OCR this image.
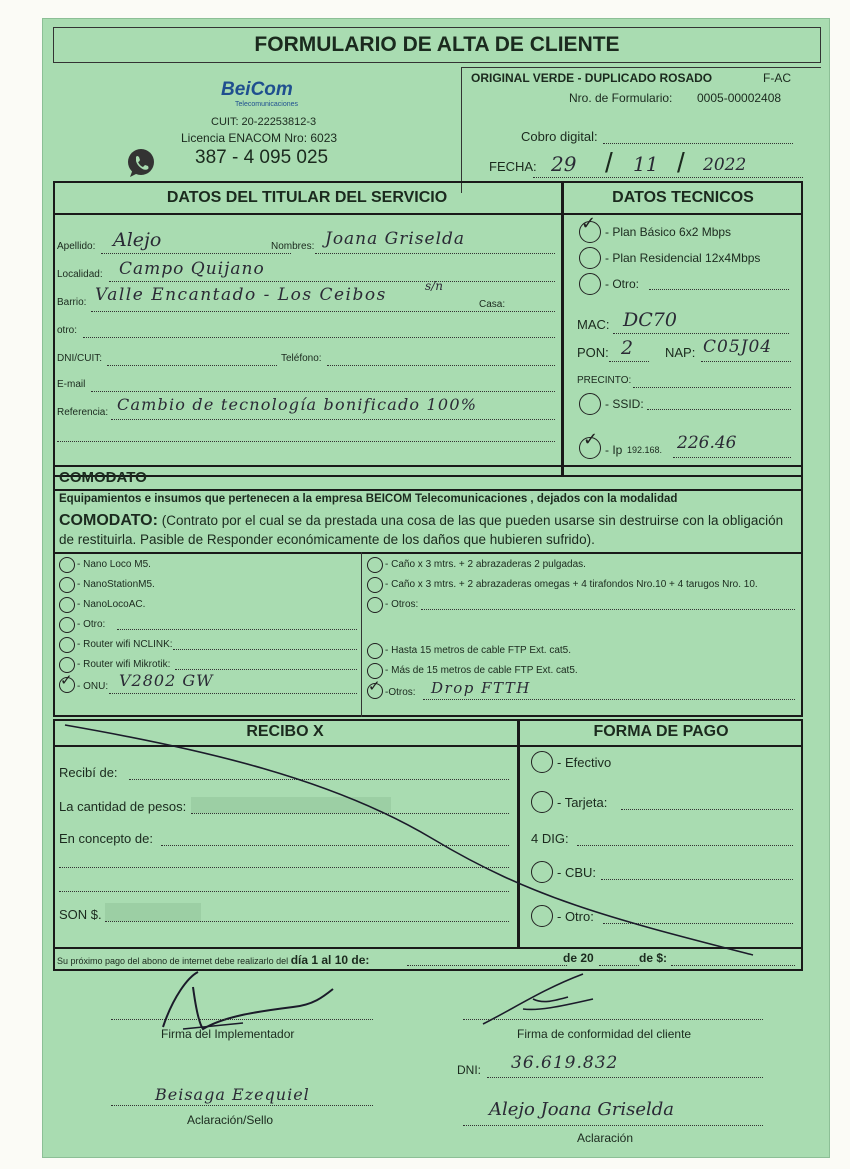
FORMULARIO DE ALTA DE CLIENTE
BeiCom
Telecomunicaciones
CUIT: 20-22253812-3
Licencia ENACOM Nro: 6023
387 - 4 095 025
ORIGINAL VERDE - DUPLICADO ROSADO	F-AC
Nro. de Formulario: 0005-00002408
Cobro digital:
FECHA: 29 / 11 / 2022
DATOS DEL TITULAR DEL SERVICIO	DATOS TECNICOS
Apellido: Alejo	Nombres: Joana Griselda
Localidad: Campo Quijano
Barrio: Valle Encantado - Los Ceibos	s/n
Casa:
otro:
DNI/CUIT:	Teléfono:
E-mail
Referencia: Cambio de tecnología bonificado 100%
✓ - Plan Básico 6x2 Mbps
- Plan Residencial 12x4Mbps
- Otro:
MAC: DC70
PON: 2 NAP: C05J04
PRECINTO:
- SSID:
✓ - Ip 192.168. 226.46
COMODATO
Equipamientos e insumos que pertenecen a la empresa BEICOM Telecomunicaciones , dejados con la modalidad
COMODATO: (Contrato por el cual se da prestada una cosa de las que pueden usarse sin destruirse con la obligación de restituirla. Pasible de Responder económicamente de los daños que hubieren sufrido).
- Nano Loco M5.
- NanoStationM5.
- NanoLocoAC.
- Otro:
- Router wifi NCLINK:
- Router wifi Mikrotik:
✓ - ONU: V2802 GW
- Caño x 3 mtrs. + 2 abrazaderas 2 pulgadas.
- Caño x 3 mtrs. + 2 abrazaderas omegas + 4 tirafondos Nro.10 + 4 tarugos Nro. 10.
- Otros:
- Hasta 15 metros de cable FTP Ext. cat5.
- Más de 15 metros de cable FTP Ext. cat5.
✓ -Otros: Drop FTTH
RECIBO X	FORMA DE PAGO
Recibí de:
La cantidad de pesos:
En concepto de:
SON $.
- Efectivo
- Tarjeta:
4 DIG:
- CBU:
- Otro:
Su próximo pago del abono de internet debe realizarlo del día 1 al 10 de:	de 20	de $:
Firma del Implementador
Beisaga Ezequiel
Aclaración/Sello
Firma de conformidad del cliente
DNI: 36.619.832
Alejo Joana Griselda
Aclaración
